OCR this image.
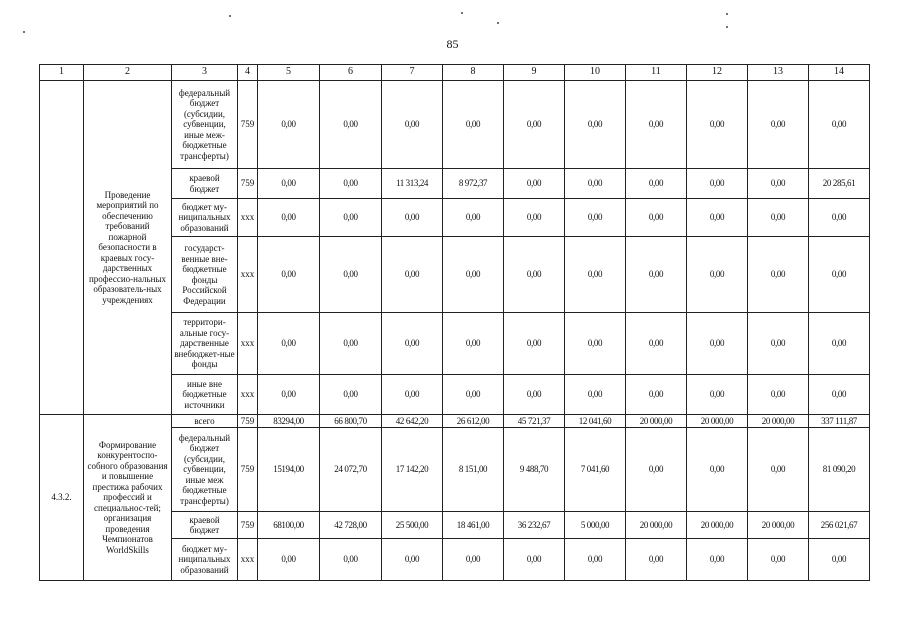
85
1	2	3	4	5	6	7	8	9	10	11	12	13	14
	Проведение мероприятий по обеспечению требований пожарной безопасности в краевых госу-дарственных профессио-нальных образователь-ных учреждениях	федеральный бюджет (субсидии, субвенции, иные меж-бюджетные трансферты)	759	0,00	0,00	0,00	0,00	0,00	0,00	0,00	0,00	0,00	0,00
		краевой бюджет	759	0,00	0,00	11 313,24	8 972,37	0,00	0,00	0,00	0,00	0,00	20 285,61
		бюджет му-ниципальных образований	ххх	0,00	0,00	0,00	0,00	0,00	0,00	0,00	0,00	0,00	0,00
		государст-венные вне-бюджетные фонды Российской Федерации	ххх	0,00	0,00	0,00	0,00	0,00	0,00	0,00	0,00	0,00	0,00
		территори-альные госу-дарственные внебюджет-ные фонды	ххх	0,00	0,00	0,00	0,00	0,00	0,00	0,00	0,00	0,00	0,00
		иные вне бюджетные источники	ххх	0,00	0,00	0,00	0,00	0,00	0,00	0,00	0,00	0,00	0,00
4.3.2.	Формирование конкурентоспо-собного образования и повышение престижа рабочих профессий и специальнос-тей; организация проведения Чемпионатов WorldSkills	всего	759	83294,00	66 800,70	42 642,20	26 612,00	45 721,37	12 041,60	20 000,00	20 000,00	20 000,00	337 111,87
		федеральный бюджет (субсидии, субвенции, иные меж бюджетные трансферты)	759	15194,00	24 072,70	17 142,20	8 151,00	9 488,70	7 041,60	0,00	0,00	0,00	81 090,20
		краевой бюджет	759	68100,00	42 728,00	25 500,00	18 461,00	36 232,67	5 000,00	20 000,00	20 000,00	20 000,00	256 021,67
		бюджет му-ниципальных образований	ххх	0,00	0,00	0,00	0,00	0,00	0,00	0,00	0,00	0,00	0,00
